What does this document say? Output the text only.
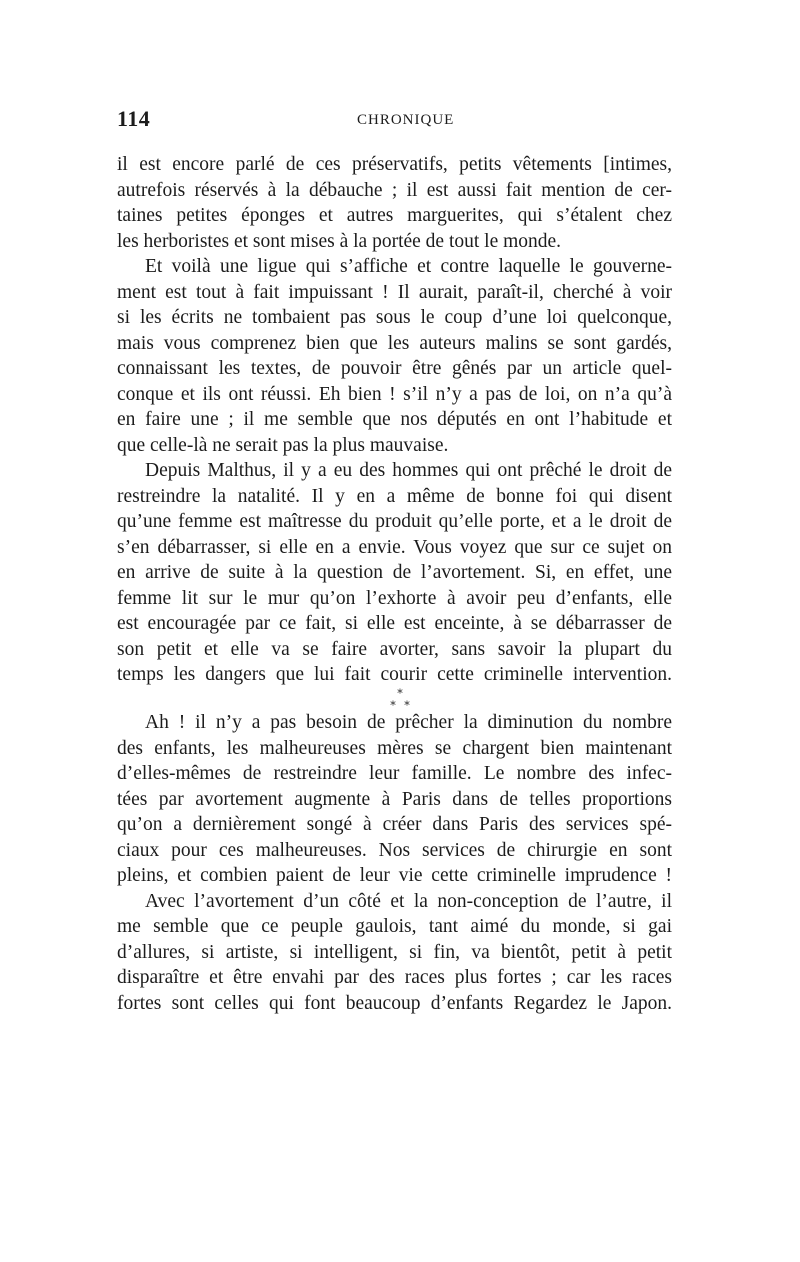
114	CHRONIQUE
il est encore parlé de ces préservatifs, petits vêtements [intimes,
autrefois réservés à la débauche ; il est aussi fait mention de cer-
taines petites éponges et autres marguerites, qui s’étalent chez
les herboristes et sont mises à la portée de tout le monde.
Et voilà une ligue qui s’affiche et contre laquelle le gouverne-
ment est tout à fait impuissant ! Il aurait, paraît-il, cherché à voir
si les écrits ne tombaient pas sous le coup d’une loi quelconque,
mais vous comprenez bien que les auteurs malins se sont gardés,
connaissant les textes, de pouvoir être gênés par un article quel-
conque et ils ont réussi. Eh bien ! s’il n’y a pas de loi, on n’a qu’à
en faire une ; il me semble que nos députés en ont l’habitude et
que celle-là ne serait pas la plus mauvaise.
Depuis Malthus, il y a eu des hommes qui ont prêché le droit de
restreindre la natalité. Il y en a même de bonne foi qui disent
qu’une femme est maîtresse du produit qu’elle porte, et a le droit de
s’en débarrasser, si elle en a envie. Vous voyez que sur ce sujet on
en arrive de suite à la question de l’avortement. Si, en effet, une
femme lit sur le mur qu’on l’exhorte à avoir peu d’enfants, elle
est encouragée par ce fait, si elle est enceinte, à se débarrasser de
son petit et elle va se faire avorter, sans savoir la plupart du
temps les dangers que lui fait courir cette criminelle intervention.
*
* *
Ah ! il n’y a pas besoin de prêcher la diminution du nombre
des enfants, les malheureuses mères se chargent bien maintenant
d’elles-mêmes de restreindre leur famille. Le nombre des infec-
tées par avortement augmente à Paris dans de telles proportions
qu’on a dernièrement songé à créer dans Paris des services spé-
ciaux pour ces malheureuses. Nos services de chirurgie en sont
pleins, et combien paient de leur vie cette criminelle imprudence !
Avec l’avortement d’un côté et la non-conception de l’autre, il
me semble que ce peuple gaulois, tant aimé du monde, si gai
d’allures, si artiste, si intelligent, si fin, va bientôt, petit à petit
disparaître et être envahi par des races plus fortes ; car les races
fortes sont celles qui font beaucoup d’enfants Regardez le Japon.
